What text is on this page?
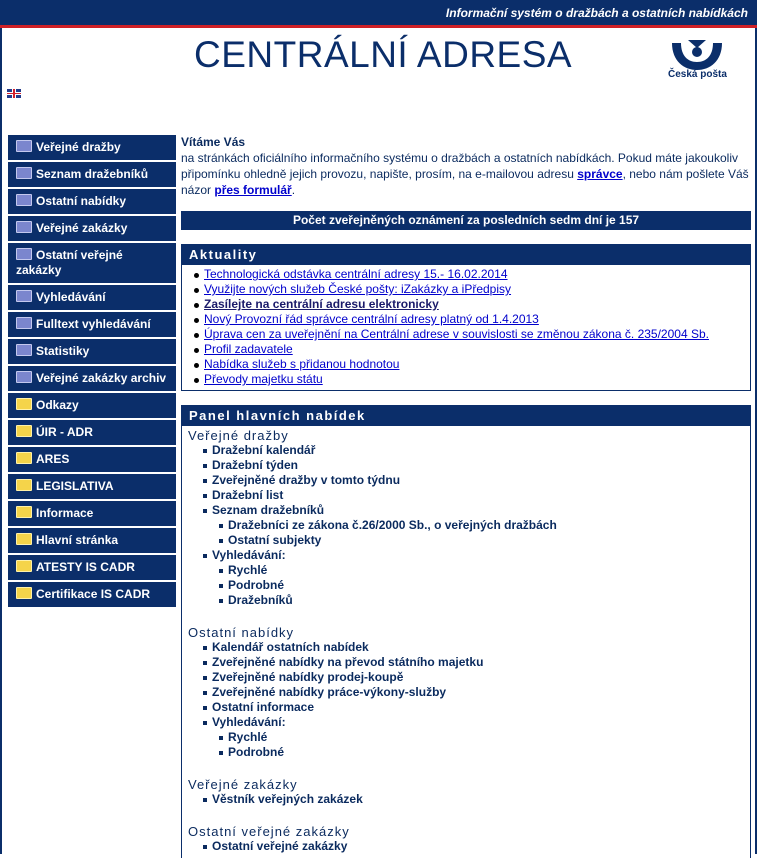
Informační systém o dražbách a ostatních nabídkách
CENTRÁLNÍ ADRESA	Česká pošta
Veřejné dražby
Seznam dražebníků
Ostatní nabídky
Veřejné zakázky
Ostatní veřejné zakázky
Vyhledávání
Fulltext vyhledávání
Statistiky
Veřejné zakázky archiv
Odkazy
ÚIR - ADR
ARES
LEGISLATIVA
Informace
Hlavní stránka
ATESTY IS CADR
Certifikace IS CADR
Vítáme Vás
na stránkách oficiálního informačního systému o dražbách a ostatních nabídkách. Pokud máte jakoukoliv připomínku ohledně jejich provozu, napište, prosím, na e-mailovou adresu správce, nebo nám pošlete Váš názor přes formulář.
Počet zveřejněných oznámení za posledních sedm dní je 157
Aktuality
Technologická odstávka centrální adresy 15.- 16.02.2014
Využijte nových služeb České pošty: iZakázky a iPředpisy
Zasílejte na centrální adresu elektronicky
Nový Provozní řád správce centrální adresy platný od 1.4.2013
Úprava cen za uveřejnění na Centrální adrese v souvislosti se změnou zákona č. 235/2004 Sb.
Profil zadavatele
Nabídka služeb s přidanou hodnotou
Převody majetku státu
Panel hlavních nabídek
Veřejné dražby
Dražební kalendář
Dražební týden
Zveřejněné dražby v tomto týdnu
Dražební list
Seznam dražebníků
Dražebníci ze zákona č.26/2000 Sb., o veřejných dražbách
Ostatní subjekty
Vyhledávání:
Rychlé
Podrobné
Dražebníků
Ostatní nabídky
Kalendář ostatních nabídek
Zveřejněné nabídky na převod státního majetku
Zveřejněné nabídky prodej-koupě
Zveřejněné nabídky práce-výkony-služby
Ostatní informace
Vyhledávání:
Rychlé
Podrobné
Veřejné zakázky
Věstník veřejných zakázek
Ostatní veřejné zakázky
Ostatní veřejné zakázky
